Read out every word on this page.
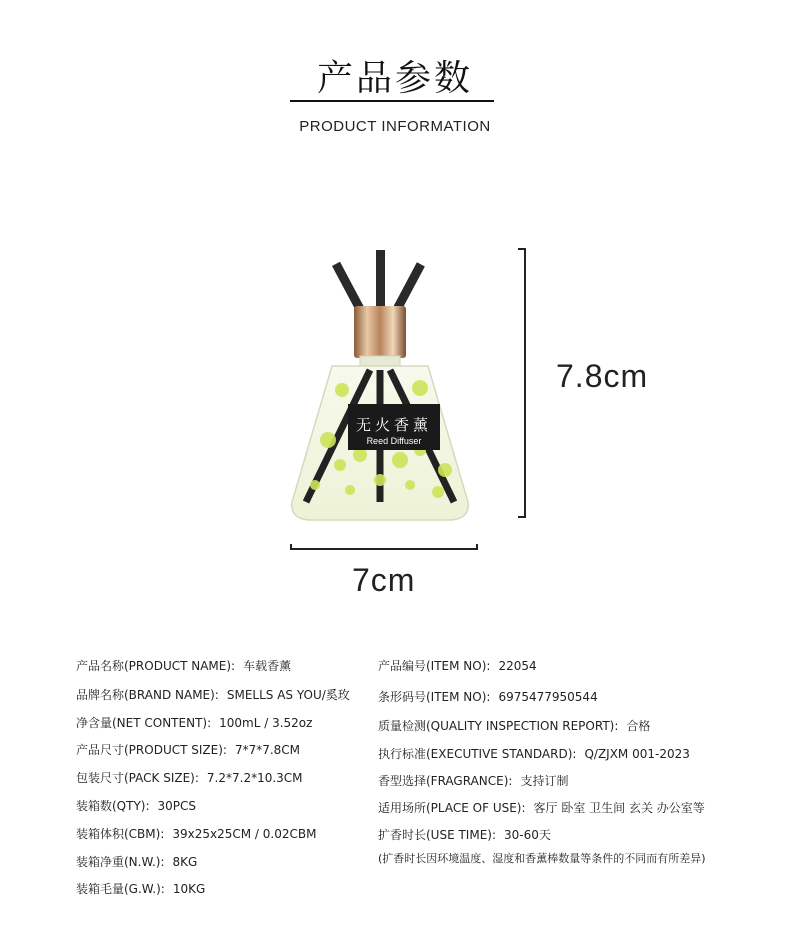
产品参数
PRODUCT INFORMATION
无火香薰
Reed Diffuser
7.8cm
7cm
产品名称(PRODUCT NAME): 车载香薰
品牌名称(BRAND NAME): SMELLS AS YOU/奚玫
净含量(NET CONTENT): 100mL / 3.52oz
产品尺寸(PRODUCT SIZE): 7*7*7.8CM
包装尺寸(PACK SIZE): 7.2*7.2*10.3CM
装箱数(QTY): 30PCS
装箱体积(CBM): 39x25x25CM / 0.02CBM
装箱净重(N.W.): 8KG
装箱毛量(G.W.): 10KG
产品编号(ITEM NO): 22054
条形码号(ITEM NO): 6975477950544
质量检测(QUALITY INSPECTION REPORT): 合格
执行标准(EXECUTIVE STANDARD): Q/ZJXM 001-2023
香型选择(FRAGRANCE): 支持订制
适用场所(PLACE OF USE): 客厅 卧室 卫生间 玄关 办公室等
扩香时长(USE TIME): 30-60天
(扩香时长因环境温度、湿度和香薰棒数量等条件的不同而有所差异)
